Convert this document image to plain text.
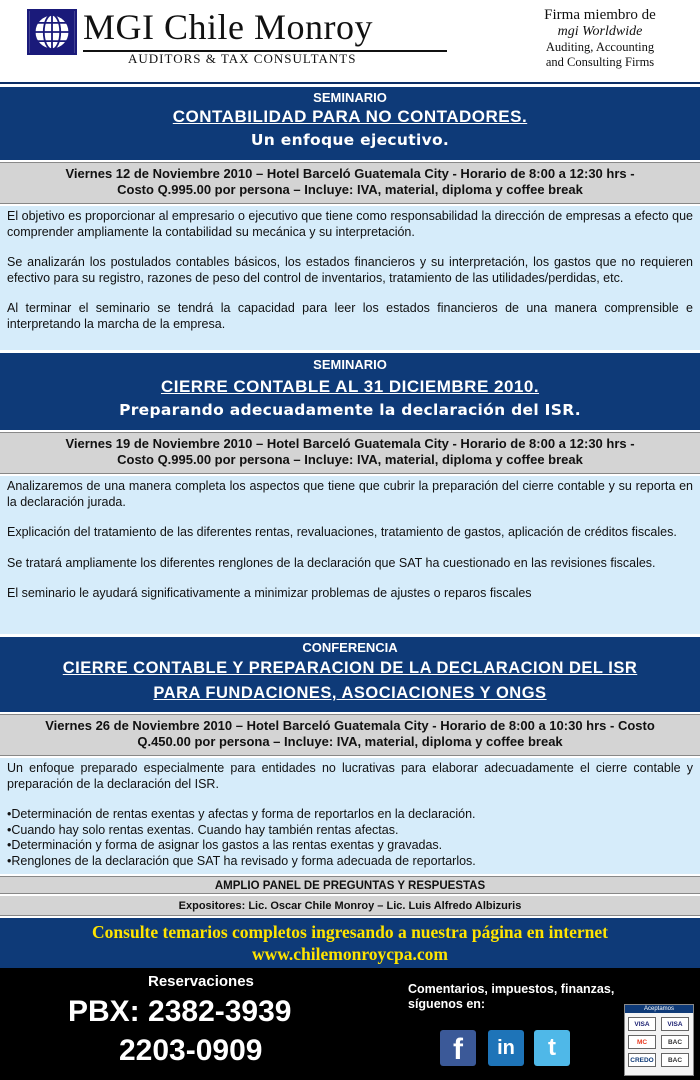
MGI Chile Monroy
AUDITORS & TAX CONSULTANTS
Firma miembro de
mgi Worldwide
Auditing, Accounting
and Consulting Firms
SEMINARIO
CONTABILIDAD PARA NO CONTADORES.
Un enfoque ejecutivo.
Viernes 12 de Noviembre 2010 – Hotel Barceló Guatemala City - Horario de 8:00 a 12:30 hrs -
Costo Q.995.00 por persona – Incluye: IVA, material, diploma y coffee break

El objetivo es proporcionar al empresario o ejecutivo que tiene como responsabilidad la dirección de empresas a efecto que comprender ampliamente la contabilidad su mecánica y su interpretación.

Se analizarán los postulados contables básicos, los estados financieros y su interpretación, los gastos que no requieren efectivo para su registro, razones de peso del control de inventarios, tratamiento de las utilidades/perdidas, etc.

Al terminar el seminario se tendrá la capacidad para leer los estados financieros de una manera comprensible e interpretando la marcha de la empresa.

SEMINARIO
CIERRE CONTABLE AL 31 DICIEMBRE 2010.
Preparando adecuadamente la declaración del ISR.
Viernes 19 de Noviembre 2010 – Hotel Barceló Guatemala City - Horario de 8:00 a 12:30 hrs -
Costo Q.995.00 por persona – Incluye: IVA, material, diploma y coffee break

Analizaremos de una manera completa los aspectos que tiene que cubrir la preparación del cierre contable y su reporta en la declaración jurada.

Explicación del tratamiento de las diferentes rentas, revaluaciones, tratamiento de gastos, aplicación de créditos fiscales.

Se tratará ampliamente los diferentes renglones de la declaración que SAT ha cuestionado en las revisiones fiscales.

El seminario le ayudará significativamente a minimizar problemas de ajustes o reparos fiscales

CONFERENCIA
CIERRE CONTABLE Y PREPARACION DE LA DECLARACION DEL ISR
PARA FUNDACIONES, ASOCIACIONES Y ONGS
Viernes 26 de Noviembre 2010 – Hotel Barceló Guatemala City - Horario de 8:00 a 10:30 hrs - Costo
Q.450.00 por persona – Incluye: IVA, material, diploma y coffee break

Un enfoque preparado especialmente para entidades no lucrativas para elaborar adecuadamente el cierre contable y preparación de la declaración del ISR.

•Determinación de rentas exentas y afectas y forma de reportarlos en la declaración.
•Cuando hay solo rentas exentas. Cuando hay también rentas afectas.
•Determinación y forma de asignar los gastos a las rentas exentas y gravadas.
•Renglones de la declaración que SAT ha revisado y forma adecuada de reportarlos.
AMPLIO PANEL DE PREGUNTAS Y RESPUESTAS
Expositores: Lic. Oscar Chile Monroy – Lic. Luis Alfredo Albizuris
Consulte temarios completos ingresando a nuestra página en internet
www.chilemonroycpa.com
Reservaciones
PBX: 2382-3939
2203-0909
Comentarios, impuestos, finanzas,
síguenos en:
f	in	t
Aceptamos
VISA	VISA
MC	BAC
CREDO	BAC
